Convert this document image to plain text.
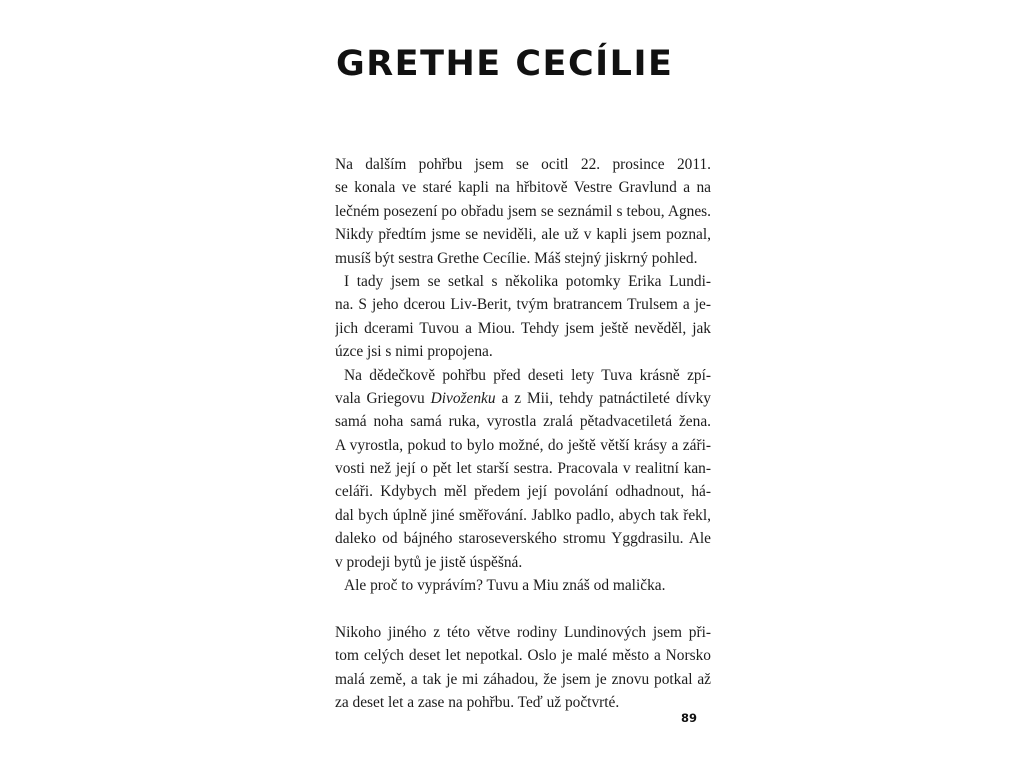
GRETHE CECÍLIE
Na dalším pohřbu jsem se ocitl 22. prosince 2011.
se konala ve staré kapli na hřbitově Vestre Gravlund a na
lečném posezení po obřadu jsem se seznámil s tebou, Agnes.
Nikdy předtím jsme se neviděli, ale už v kapli jsem poznal,
musíš být sestra Grethe Cecílie. Máš stejný jiskrný pohled.
I tady jsem se setkal s několika potomky Erika Lundi-
na. S jeho dcerou Liv-Berit, tvým bratrancem Trulsem a je-
jich dcerami Tuvou a Miou. Tehdy jsem ještě nevěděl, jak
úzce jsi s nimi propojena.
Na dědečkově pohřbu před deseti lety Tuva krásně zpí-
vala Griegovu Divoženku a z Mii, tehdy patnáctileté dívky
samá noha samá ruka, vyrostla zralá pětadvacetiletá žena.
A vyrostla, pokud to bylo možné, do ještě větší krásy a záři-
vosti než její o pět let starší sestra. Pracovala v realitní kan-
celáři. Kdybych měl předem její povolání odhadnout, há-
dal bych úplně jiné směřování. Jablko padlo, abych tak řekl,
daleko od bájného staroseverského stromu Yggdrasilu. Ale
v prodeji bytů je jistě úspěšná.
Ale proč to vyprávím? Tuvu a Miu znáš od malička.
Nikoho jiného z této větve rodiny Lundinových jsem při-
tom celých deset let nepotkal. Oslo je malé město a Norsko
malá země, a tak je mi záhadou, že jsem je znovu potkal až
za deset let a zase na pohřbu. Teď už počtvrté.
89
